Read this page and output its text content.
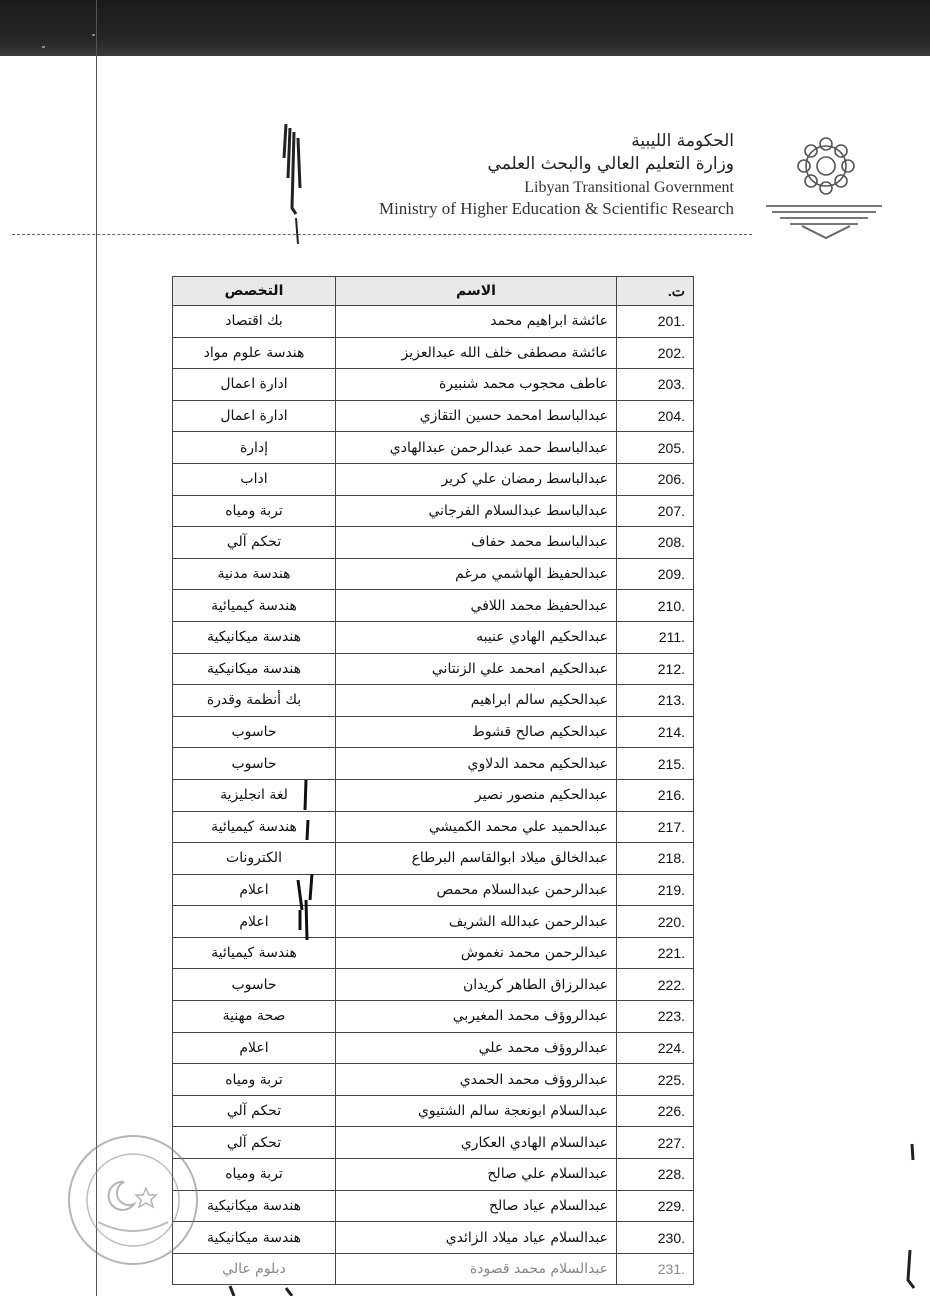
الحكومة الليبية
وزارة التعليم العالي والبحث العلمي
Libyan Transitional Government
Ministry of Higher Education & Scientific Research
ت.	الاسم	التخصص
201.	عائشة ابراهيم محمد	بك اقتصاد
202.	عائشة مصطفى خلف الله عبدالعزيز	هندسة علوم مواد
203.	عاطف محجوب محمد شنبيرة	ادارة اعمال
204.	عبدالباسط امحمد حسين التقازي	ادارة اعمال
205.	عبدالباسط حمد عبدالرحمن عبدالهادي	إدارة
206.	عبدالباسط رمضان علي كرير	اداب
207.	عبدالباسط عبدالسلام الفرجاني	تربة ومياه
208.	عبدالباسط محمد حفاف	تحكم آلي
209.	عبدالحفيظ الهاشمي مرغم	هندسة مدنية
210.	عبدالحفيظ محمد اللافي	هندسة كيميائية
211.	عبدالحكيم الهادي عنيبه	هندسة ميكانيكية
212.	عبدالحكيم امحمد علي الزنتاني	هندسة ميكانيكية
213.	عبدالحكيم سالم ابراهيم	بك أنظمة وقدرة
214.	عبدالحكيم صالح قشوط	حاسوب
215.	عبدالحكيم محمد الدلاوي	حاسوب
216.	عبدالحكيم منصور نصير	لغة انجليزية
217.	عبدالحميد علي محمد الكميشي	هندسة كيميائية
218.	عبدالخالق ميلاد ابوالقاسم البرطاع	الكترونات
219.	عبدالرحمن عبدالسلام محمص	اعلام
220.	عبدالرحمن عبدالله الشريف	اعلام
221.	عبدالرحمن محمد نغموش	هندسة كيميائية
222.	عبدالرزاق الطاهر كريدان	حاسوب
223.	عبدالروؤف محمد المغيربي	صحة مهنية
224.	عبدالروؤف محمد علي	اعلام
225.	عبدالروؤف محمد الحمدي	تربة ومياه
226.	عبدالسلام ابونعجة سالم الشتيوي	تحكم آلي
227.	عبدالسلام الهادي العكاري	تحكم آلي
228.	عبدالسلام علي صالح	تربة ومياه
229.	عبدالسلام عياد صالح	هندسة ميكانيكية
230.	عبدالسلام عياد ميلاد الزائدي	هندسة ميكانيكية
231.	عبدالسلام محمد قصودة	دبلوم عالي
